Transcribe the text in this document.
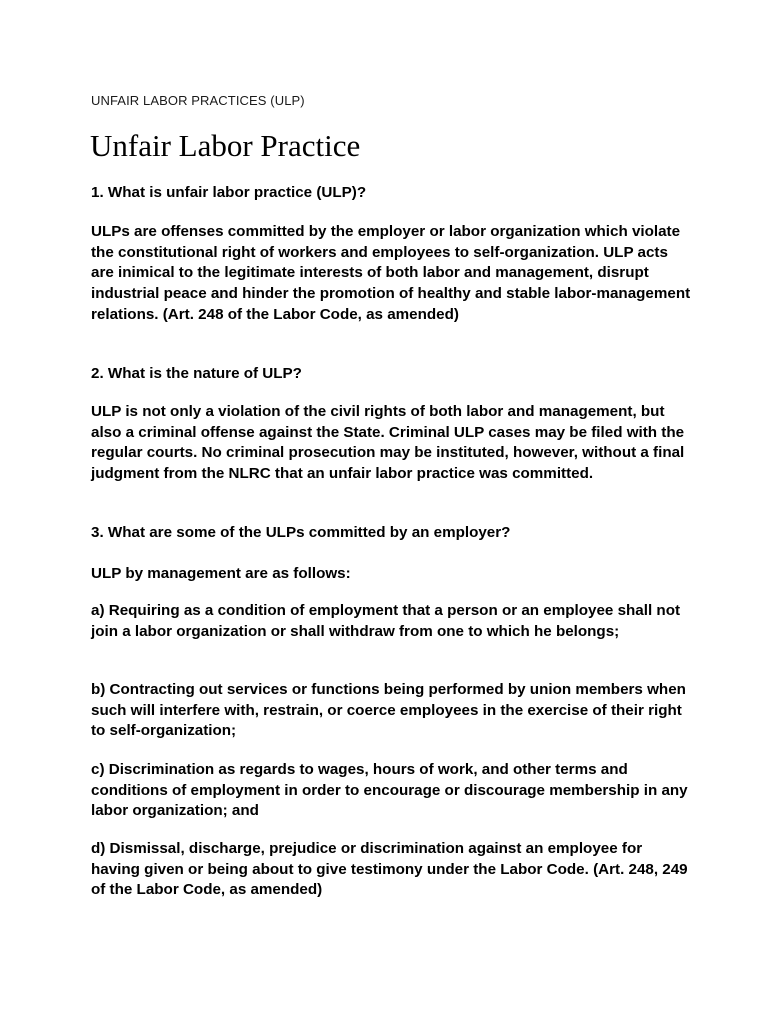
UNFAIR LABOR PRACTICES (ULP)
Unfair Labor Practice

1. What is unfair labor practice (ULP)?

ULPs are offenses committed by the employer or labor organization which violate the constitutional right of workers and employees to self-organization. ULP acts are inimical to the legitimate interests of both labor and management, disrupt industrial peace and hinder the promotion of healthy and stable labor-management relations. (Art. 248 of the Labor Code, as amended)

2. What is the nature of ULP?

ULP is not only a violation of the civil rights of both labor and management, but also a criminal offense against the State. Criminal ULP cases may be filed with the regular courts. No criminal prosecution may be instituted, however, without a final judgment from the NLRC that an unfair labor practice was committed.

3. What are some of the ULPs committed by an employer?

ULP by management are as follows:

a) Requiring as a condition of employment that a person or an employee shall not join a labor organization or shall withdraw from one to which he belongs;

b) Contracting out services or functions being performed by union members when such will interfere with, restrain, or coerce employees in the exercise of their right to self-organization;

c) Discrimination as regards to wages, hours of work, and other terms and conditions of employment in order to encourage or discourage membership in any labor organization; and

d) Dismissal, discharge, prejudice or discrimination against an employee for having given or being about to give testimony under the Labor Code. (Art. 248, 249 of the Labor Code, as amended)
